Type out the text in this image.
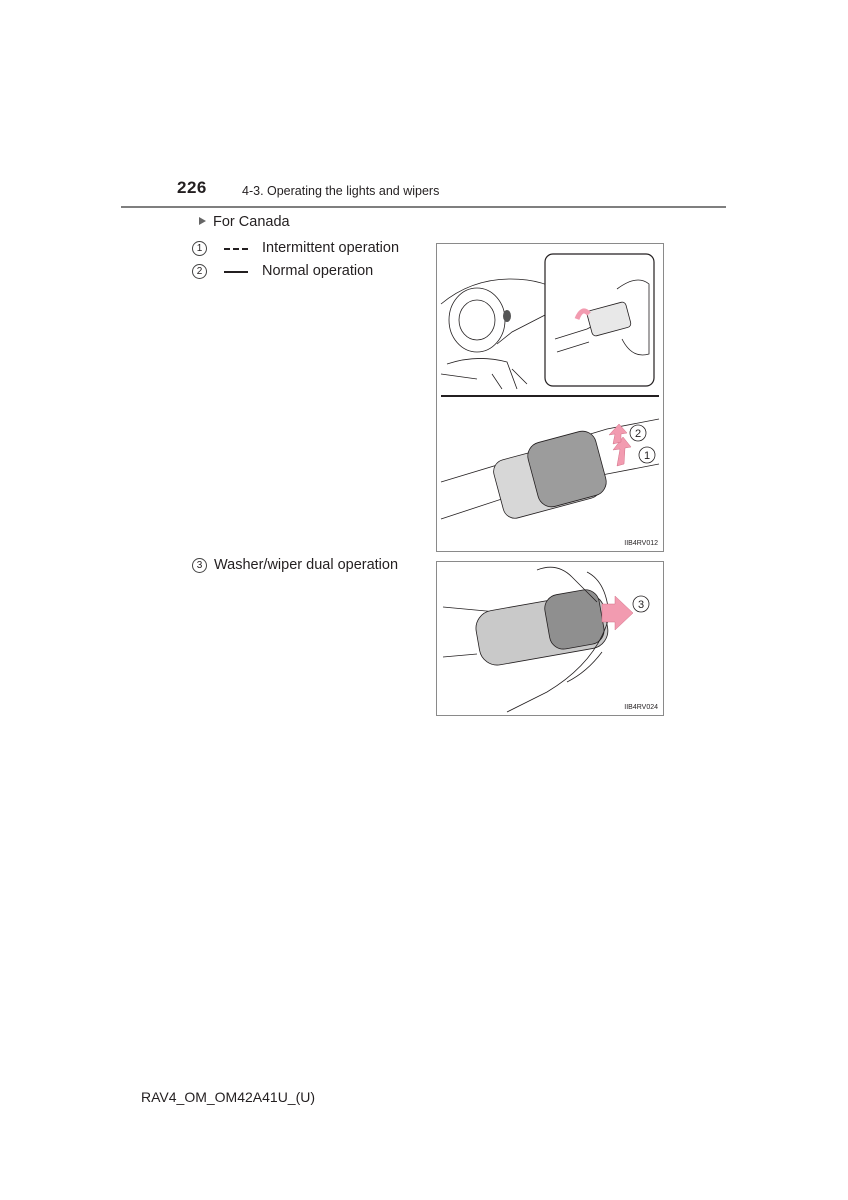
226	4-3. Operating the lights and wipers
For Canada
1	Intermittent operation
2	Normal operation
3 Washer/wiper dual operation
2
1
IIB4RV012
3
IIB4RV024
RAV4_OM_OM42A41U_(U)
